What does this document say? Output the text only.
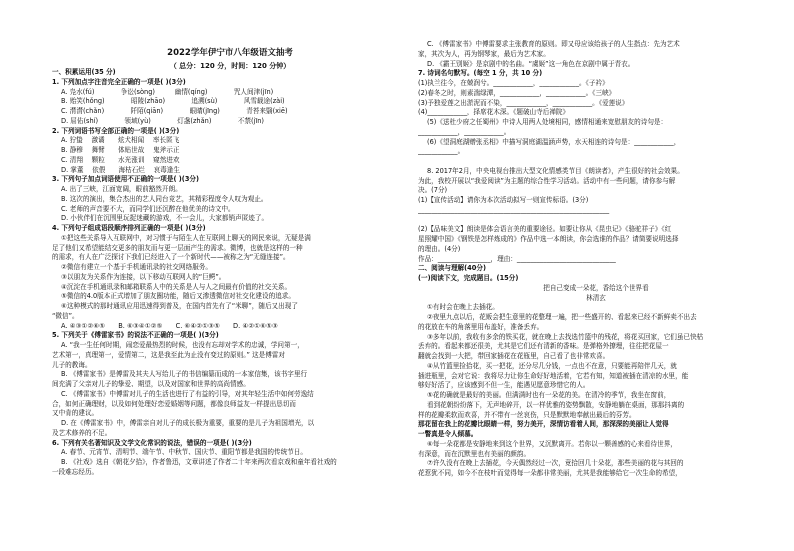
一、积累运用(35 分)
1. 下列加点字注音完全正确的一项是( )(3分)
A. 凫水(fú)　　　　争讼(sòng)　　　幽情(qíng)　　　　咒人间津(jīn)
B. 贻笑(hǒng)　　　　昭陵(zhāo)　　　　追溯(sù)　　　　风雪载途(zài)
C. 潸潸(chǎn)　　　　阡陌(qiān)　　　　眼睛(jīng)　　　　青苔来翳(xiē)
D. 屈佑(shí)　　　　领域(yù)　　　　灯盏(zhǎn)　　　　不禁(jīn)
2. 下列词语书写全部正确的一项是( )(3分)
A. 狞蛰　 激谲　　炫犬相闻　 率长匿飞
B. 静穆　 舞臂　　体贴世故　 鬼斧示正
C. 清翔　 颗粒　　水光涨训　 窥然进欢
D. 掌董　 依偎　　海枯石烂　 哀毒逢生
3. 下列句子加点词语使用不正确的一项是( )(3分)
A. 出了三峡，江面宽阔，眼前豁然开朗。
B. 这次的演出，集合杰出的艺人同台竞艺，其精彩程度令人叹为观止。
C. 老师的声音要不大，而同学们还沉醉在他优美的诗文中。
D. 小伙伴们在沉围里玩捉迷藏的游戏，不一会儿，大家都销声匿迹了。
4. 下列句子组成语段顺序排列正确的一项是( )(3分)
①把这些关系导入互联网中，对习惯于与陌生人在互联网上聊天的网民来说，无疑是满
足了他们又希望能结交更多的朋友而与更一层面产生的需求。微博，也就是这样的一种
的需求，有人在广泛探讨下我们已经进入了一个新时代——被称之为“无缝连接”。
②微信有建立一个基于手机通讯录的社交网络服务。
③以朋友为关系作为连接，以下移动互联网人的“巨鳄”。
④沉淀在手机通讯录和邮箱联系人中的关系是人与人之间最有价值的社交关系。
⑤微信的4.0版本正式增加了朋友圈功能，随后又渗透微信对社交化建设的追求。
⑥这种模式的那时通讯应用迅速得到普及，在国内首先有了“米聊”，随后又出现了
“微信”。
A. ④③①②⑥⑤　　B. ⑥③④①②⑤　　C. ⑥④②①③⑤　　D. ④②①⑥⑤③
5. 下列关于《傅雷家书》的说法不正确的一项是( )(3分)
A. “我一生任何时期，闹恋爱最热烈的时候，也没有忘却对学术的忠诚，学问第一，
艺术第一，真理第一，爱情第二，这是我至此为止没有变过的原则。” 这是傅雷对
儿子的教诲。
B. 《傅雷家书》是傅雷及其夫人写给儿子的书信编纂而成的一本家信集，该书字里行
间充满了父亲对儿子的挚爱、期望，以及对国家和世界的高尚情感。
C. 《傅雷家书》中傅雷对儿子的生活也进行了有益的引导，对其年轻生活中如何劳逸结
合，如何正确理财，以及如何处理好恋爱婚姻等问题，都像良师益友一样提出恳切而
又中肯的建议。
D. 在《傅雷家书》中，傅雷亲自对儿子的成长极为重要，重要的是儿子为祖国增光，以
及艺术修养的不足。
6. 下列有关名著知识及文学文化常识的说法，错误的一项是( )(3分)
A. 春节、元宵节、清明节、端午节、中秋节、国庆节、重阳节都是我国的传统节日。
B. 《社戏》选自《朝花夕拾》，作者鲁迅，文章讲述了作者二十年来两次看京戏和童年看社戏的
一段难忘经历。
C. 《傅雷家书》中傅雷要求主张教育的原则。即又母应该给孩子的人生指点：先为艺术
家，其次为人，再为钢琴家，最后为艺术家。
D. 《霸王别姬》是京剧中的名曲。“虞姬”这一角色在京剧中属于青衣。
7. 诗词名句默写。(每空 1 分，共 10 分)
(1)执兰往今，在兢润兮。____________，____________。《子衿》
(2)春冬之时，则素湍绿潭，____________，____________。《三峡》
(3)予独爱莲之出淤泥而不染，____________，____________。《爱莲说》
(4)____________，择席花木深。《题破山寺后禅院》
(5)《送杜少府之任蜀州》中诗人用两人处境相同，感情相通来宽慰朋友的诗句是：
____________，____________。
(6)《望洞庭湖赠张丞相》中描写洞庭湖温涵声势，水天相连的诗句是：____________，
____________。
8. 2017年2月，中央电视台推出大型文化情感类节目《朗读者》，产生很好的社会效果。
为此，我校开展以“我爱阅读”为主题的综合性学习活动。活动中有一些问题，请你参与解
决。(7分)
(1)【宣传活动】请你为本次活动拟写一则宣传标语。(3分)
__________________________________________________________
(2)【品味美文】朗读是体会语言美的重要途径。如要让你从《昆虫记》《骆驼祥子》《红
星照耀中国》《钢铁是怎样炼成的》作品中选一本朗读，你会选谁的作品？请简要说明选择
的理由。(4分)
作品：________________，理由：______________________________
二、阅读与理解(40分)
(一)阅读下文，完成题目。(15分)
把自己变成一朵花，香给这个世界看
林清玄
①有时会在晚上去插花。
②夜里九点以后，花贩会把生意里的花整理一遍，把一些盛开的、看起来已经不新鲜卖不出去
的花放在车的角落里用布盖好，准备丢弃。
③多年以前，我收有多余的铁买花，就在晚上去找选竹篮中的残花，将花买回家，它们虽已快枯
丢弃的。看起来都还很美，尤其是它们还有清新的香味。是弹格外撩埋，往往把花屋一
翻就会找到一大把，带回家插花在花瓶里，自己看了也非常欢喜。
④从竹篮里捡拾花，买一把花，还分尽几分钱，一点也不在意，只要能再陪伴几天，就
插进瓶里，会对它说：我将尽力让你生命好好地活着，它若有知，知道被插在清凉的水里，能
够好好活了，应该感到不但一生，能遇见愿意珍惜它的人。
⑤花的确就是最好的美丽。但满满时也有一朵花的美。在清冷的季节，我坐在窗前，
看到花朝纷纷落下，无声地碎开，以一样优雅的姿势飘散，安静地躺在桌面，那那抖离的
样的花瓣柔软而欢喜，并不带有一丝哀伤，只是默默地奉献出最后的芬芳。
那花留在我上的花瓣比眼睛一样，努力美开，深情访看着人间，那深深的美丽让人觉得
一瞥真是令人倾慕。
⑥每一朵花都是安静地来到这个世界，又沉默离开。若你以一颗善感的心来看待世界，
有深意，而在沉默里也有美丽的颜韵。
⑦许久没有在晚上去插花，今天偶然经过一次，竟拾回几十朵花，那些美丽的花与其回的
花惹犹不同，如今不在枝叶而觉得每一朵都非常美丽，尤其是我能够给它一次生命的希望，
2022学年伊宁市八年级语文抽考
（ 总分：120 分，时间：120 分钟）
